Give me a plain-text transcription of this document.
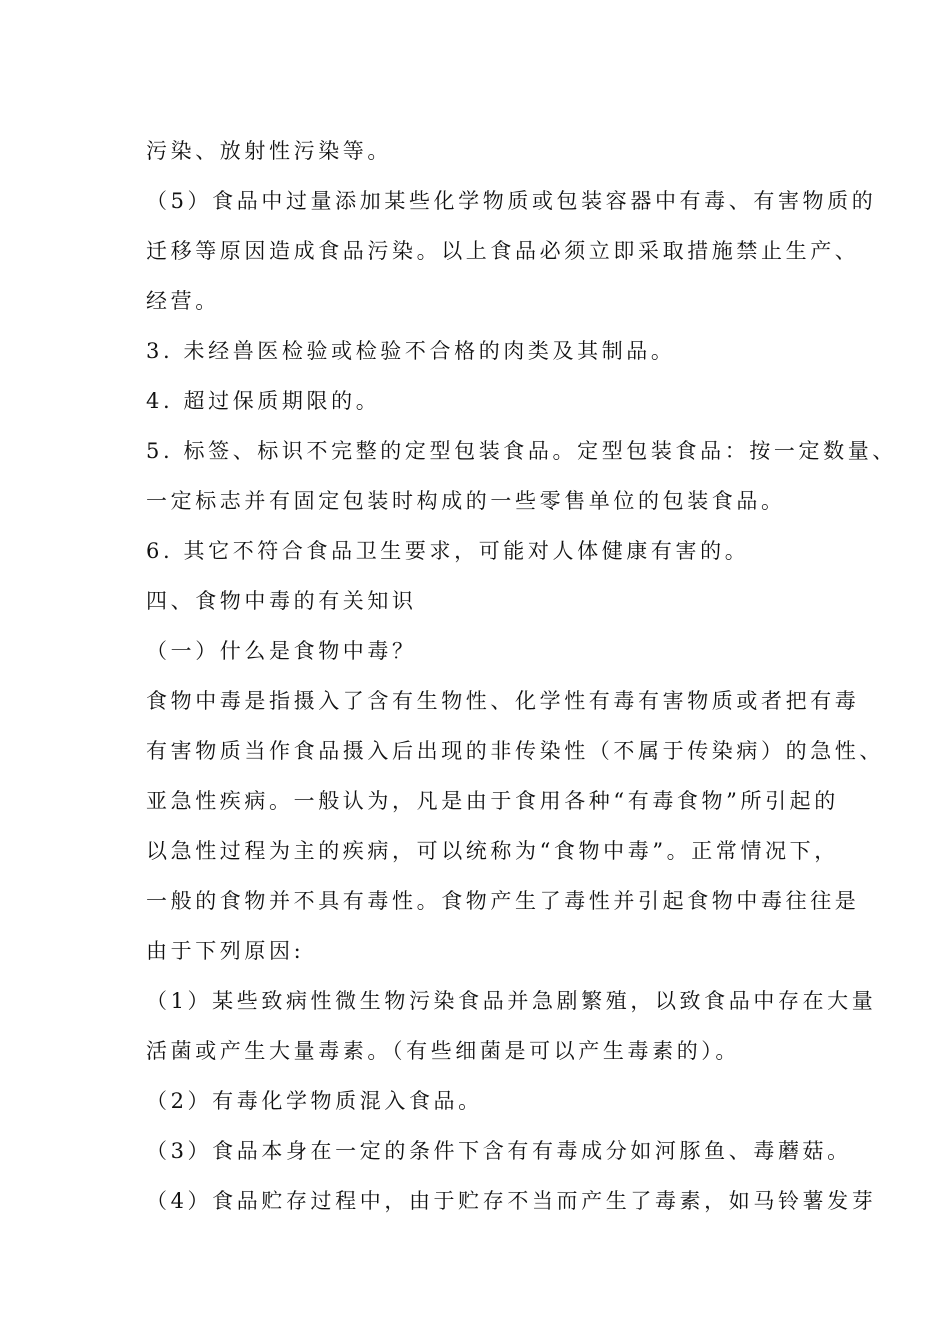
污染、放射性污染等。
（5）食品中过量添加某些化学物质或包装容器中有毒、有害物质的
迁移等原因造成食品污染。以上食品必须立即采取措施禁止生产、
经营。
3. 未经兽医检验或检验不合格的肉类及其制品。
4. 超过保质期限的。
5. 标签、标识不完整的定型包装食品。定型包装食品：按一定数量、
一定标志并有固定包装时构成的一些零售单位的包装食品。
6. 其它不符合食品卫生要求，可能对人体健康有害的。
四、食物中毒的有关知识
（一）什么是食物中毒？
食物中毒是指摄入了含有生物性、化学性有毒有害物质或者把有毒
有害物质当作食品摄入后出现的非传染性（不属于传染病）的急性、
亚急性疾病。一般认为，凡是由于食用各种“有毒食物”所引起的
以急性过程为主的疾病，可以统称为“食物中毒”。正常情况下，
一般的食物并不具有毒性。食物产生了毒性并引起食物中毒往往是
由于下列原因:
（1）某些致病性微生物污染食品并急剧繁殖，以致食品中存在大量
活菌或产生大量毒素。（有些细菌是可以产生毒素的）。
（2）有毒化学物质混入食品。
（3）食品本身在一定的条件下含有有毒成分如河豚鱼、毒蘑菇。
（4）食品贮存过程中，由于贮存不当而产生了毒素，如马铃薯发芽
